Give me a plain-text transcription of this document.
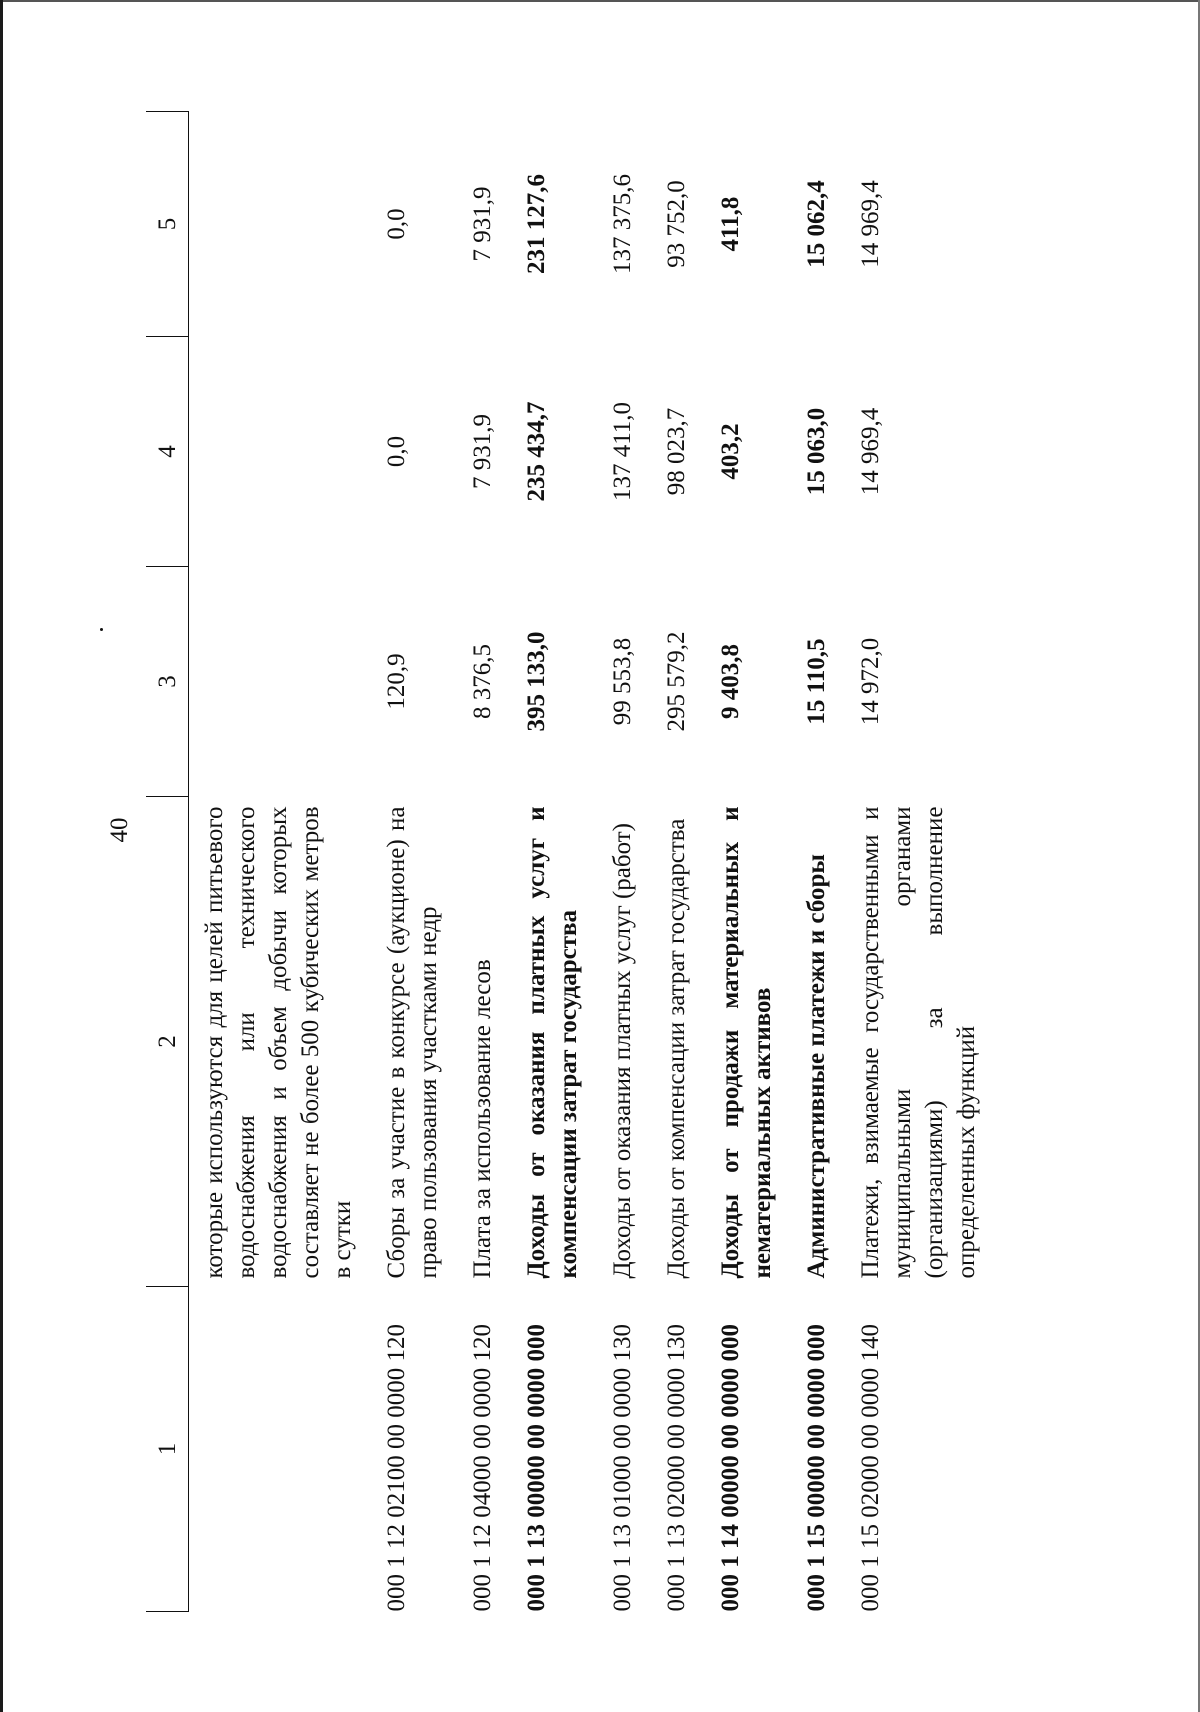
40
1	2	3	4	5

	которые используются для целей питьевого водоснабжения или технического водоснабжения и объем добычи которых составляет не более 500 кубических метров в сутки			
000 1 12 02100 00 0000 120	Сборы за участие в конкурсе (аукционе) на право пользования участками недр	120,9	0,0	0,0
000 1 12 04000 00 0000 120	Плата за использование лесов	8 376,5	7 931,9	7 931,9
000 1 13 00000 00 0000 000	Доходы от оказания платных услуг и компенсации затрат государства	395 133,0	235 434,7	231 127,6
000 1 13 01000 00 0000 130	Доходы от оказания платных услуг (работ)	99 553,8	137 411,0	137 375,6
000 1 13 02000 00 0000 130	Доходы от компенсации затрат государства	295 579,2	98 023,7	93 752,0
000 1 14 00000 00 0000 000	Доходы от продажи материальных и нематериальных активов	9 403,8	403,2	411,8
000 1 15 00000 00 0000 000	Административные платежи и сборы	15 110,5	15 063,0	15 062,4
000 1 15 02000 00 0000 140	Платежи, взимаемые государственными и муниципальными органами (организациями) за выполнение определенных функций	14 972,0	14 969,4	14 969,4
